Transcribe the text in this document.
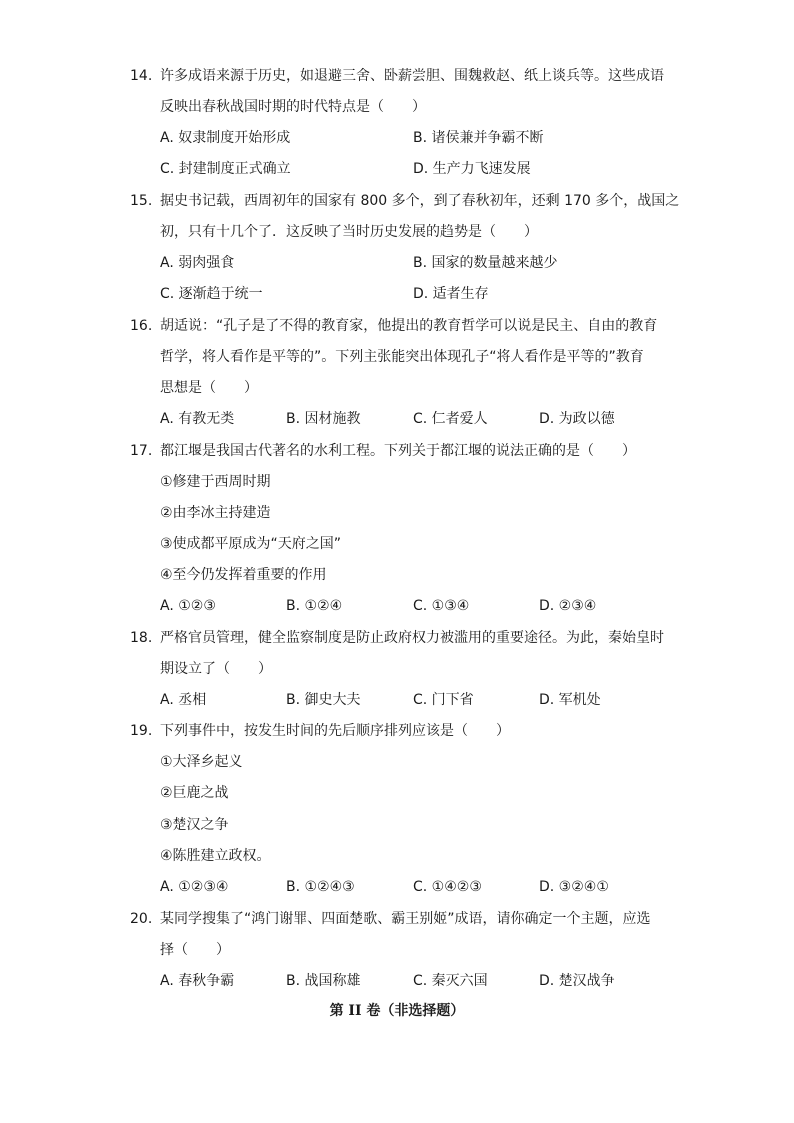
14. 许多成语来源于历史，如退避三舍、卧薪尝胆、围魏救赵、纸上谈兵等。这些成语
反映出春秋战国时期的时代特点是（　　）
A. 奴隶制度开始形成	B. 诸侯兼并争霸不断
C. 封建制度正式确立	D. 生产力飞速发展
15. 据史书记载，西周初年的国家有 800 多个，到了春秋初年，还剩 170 多个，战国之
初，只有十几个了．这反映了当时历史发展的趋势是（　　）
A. 弱肉强食	B. 国家的数量越来越少
C. 逐渐趋于统一	D. 适者生存
16. 胡适说：“孔子是了不得的教育家，他提出的教育哲学可以说是民主、自由的教育
哲学，将人看作是平等的”。下列主张能突出体现孔子“将人看作是平等的”教育
思想是（　　）
A. 有教无类	B. 因材施教	C. 仁者爱人	D. 为政以德
17. 都江堰是我国古代著名的水利工程。下列关于都江堰的说法正确的是（　　）
①修建于西周时期
②由李冰主持建造
③使成都平原成为“天府之国”
④至今仍发挥着重要的作用
A. ①②③	B. ①②④	C. ①③④	D. ②③④
18. 严格官员管理，健全监察制度是防止政府权力被滥用的重要途径。为此，秦始皇时
期设立了（　　）
A. 丞相	B. 御史大夫	C. 门下省	D. 军机处
19. 下列事件中，按发生时间的先后顺序排列应该是（　　）
①大泽乡起义
②巨鹿之战
③楚汉之争
④陈胜建立政权。
A. ①②③④	B. ①②④③	C. ①④②③	D. ③②④①
20. 某同学搜集了“鸿门谢罪、四面楚歌、霸王别姬”成语，请你确定一个主题，应选
择（　　）
A. 春秋争霸	B. 战国称雄	C. 秦灭六国	D. 楚汉战争
第 II 卷（非选择题）
